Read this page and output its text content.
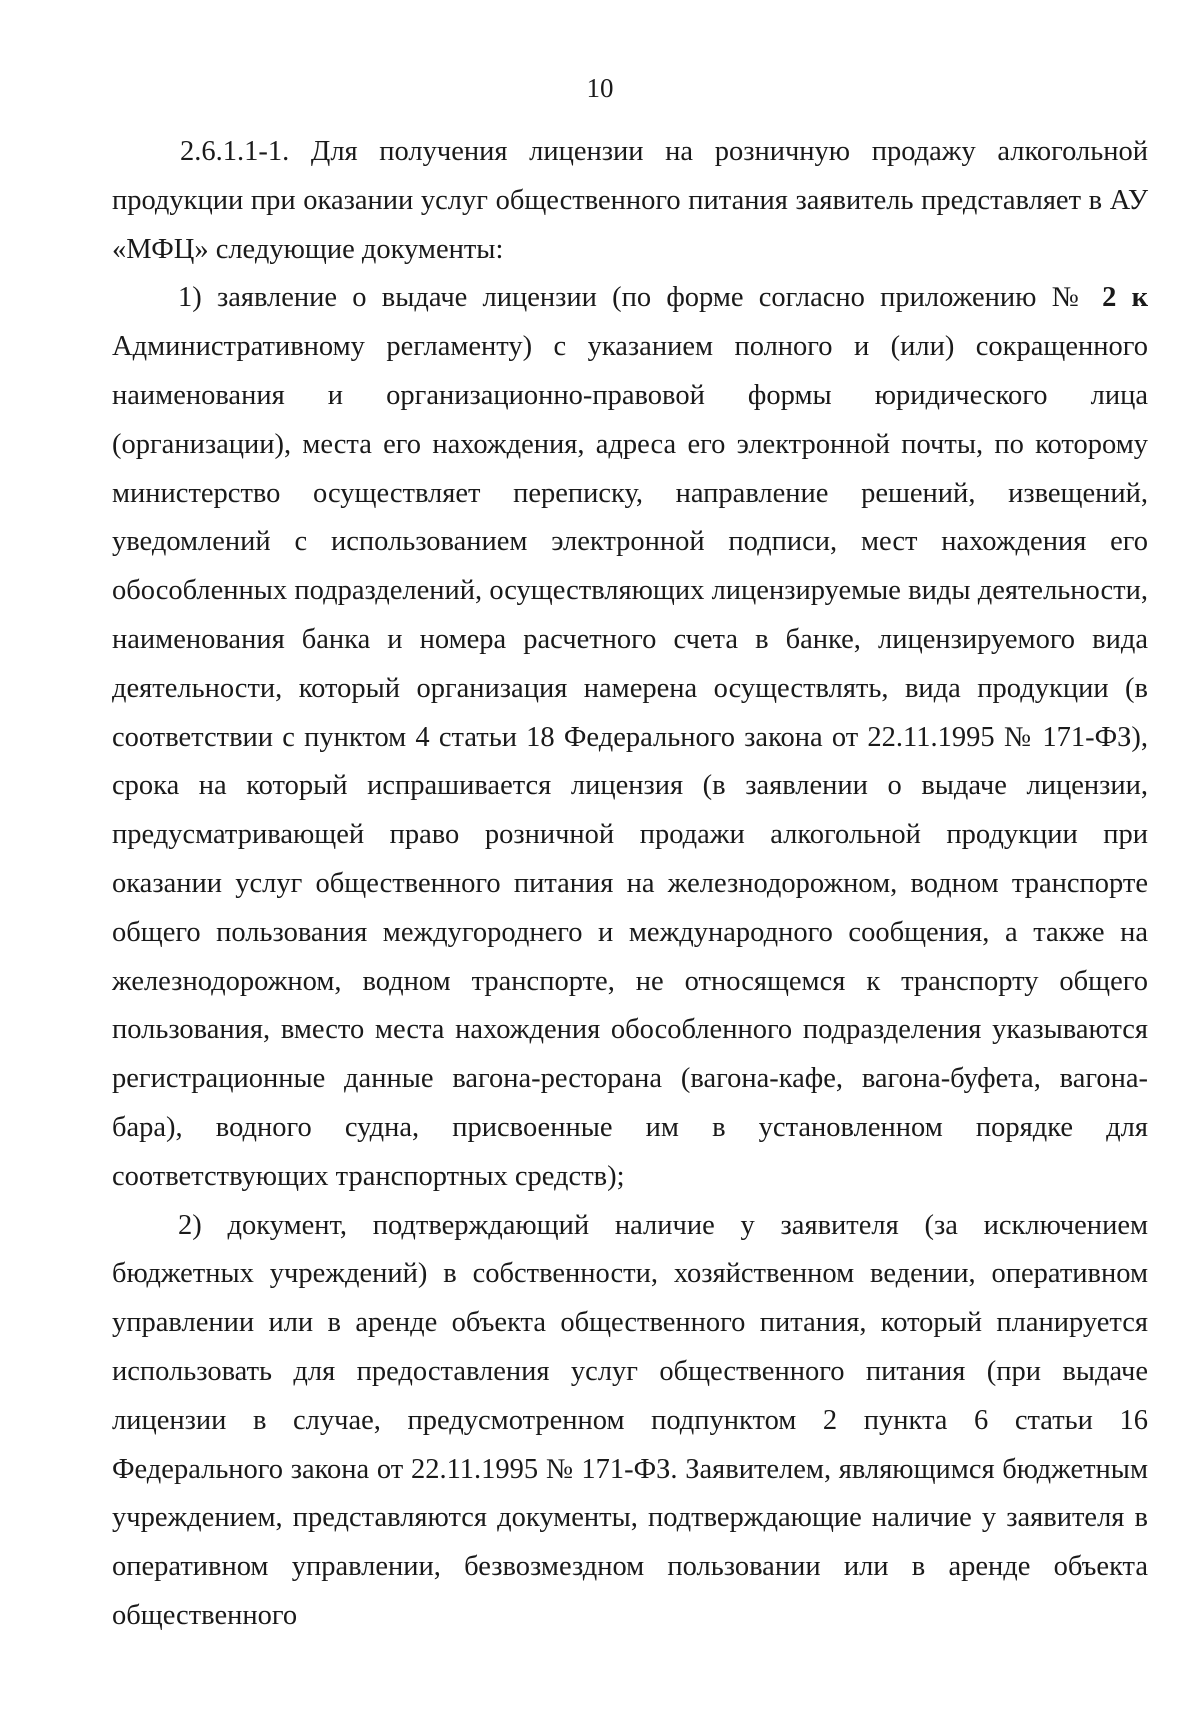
10

2.6.1.1-1. Для получения лицензии на розничную продажу алкогольной продукции при оказании услуг общественного питания заявитель представляет в АУ «МФЦ» следующие документы:

1) заявление о выдаче лицензии (по форме согласно приложению № 2 к Административному регламенту) с указанием полного и (или) сокращенного наименования и организационно-правовой формы юридического лица (организации), места его нахождения, адреса его электронной почты, по которому министерство осуществляет переписку, направление решений, извещений, уведомлений с использованием электронной подписи, мест нахождения его обособленных подразделений, осуществляющих лицензируемые виды деятельности, наименования банка и номера расчетного счета в банке, лицензируемого вида деятельности, который организация намерена осуществлять, вида продукции (в соответствии с пунктом 4 статьи 18 Федерального закона от 22.11.1995 № 171-ФЗ), срока на который испрашивается лицензия (в заявлении о выдаче лицензии, предусматривающей право розничной продажи алкогольной продукции при оказании услуг общественного питания на железнодорожном, водном транспорте общего пользования междугороднего и международного сообщения, а также на железнодорожном, водном транспорте, не относящемся к транспорту общего пользования, вместо места нахождения обособленного подразделения указываются регистрационные данные вагона-ресторана (вагона-кафе, вагона-буфета, вагона-бара), водного судна, присвоенные им в установленном порядке для соответствующих транспортных средств);

2) документ, подтверждающий наличие у заявителя (за исключением бюджетных учреждений) в собственности, хозяйственном ведении, оперативном управлении или в аренде объекта общественного питания, который планируется использовать для предоставления услуг общественного питания (при выдаче лицензии в случае, предусмотренном подпунктом 2 пункта 6 статьи 16 Федерального закона от 22.11.1995 № 171-ФЗ. Заявителем, являющимся бюджетным учреждением, представляются документы, подтверждающие наличие у заявителя в оперативном управлении, безвозмездном пользовании или в аренде объекта общественного
